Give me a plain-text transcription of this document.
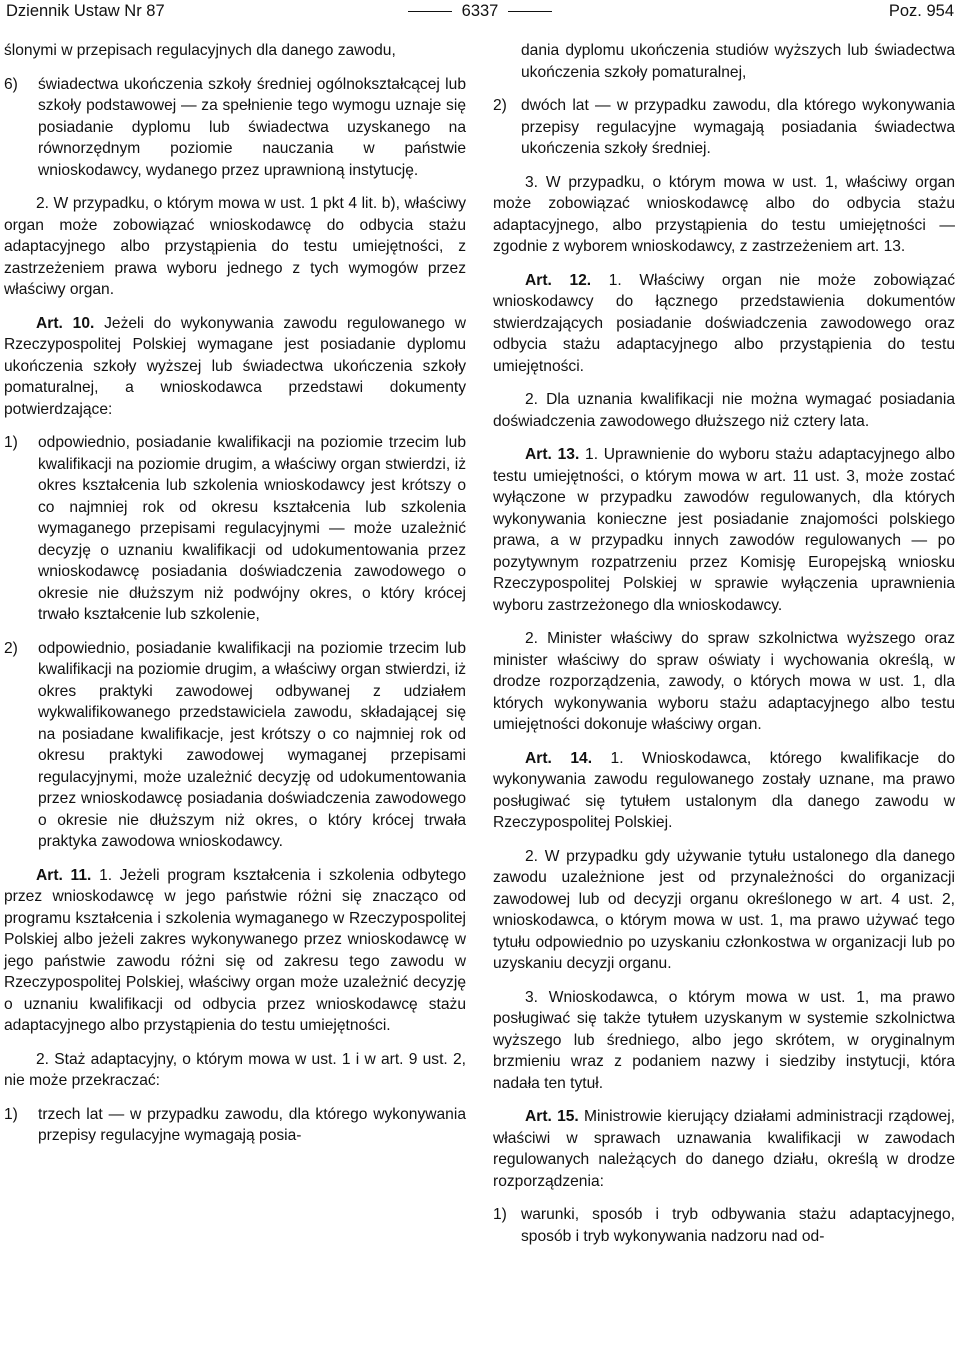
Dziennik Ustaw Nr 87	6337	Poz. 954

ślonymi w przepisach regulacyjnych dla danego zawodu,

6) świadectwa ukończenia szkoły średniej ogólnokształcącej lub szkoły podstawowej — za spełnienie tego wymogu uznaje się posiadanie dyplomu lub świadectwa uzyskanego na równorzędnym poziomie nauczania w państwie wnioskodawcy, wydanego przez uprawnioną instytucję.

2. W przypadku, o którym mowa w ust. 1 pkt 4 lit. b), właściwy organ może zobowiązać wnioskodawcę do odbycia stażu adaptacyjnego albo przystąpienia do testu umiejętności, z zastrzeżeniem prawa wyboru jednego z tych wymogów przez właściwy organ.

Art. 10. Jeżeli do wykonywania zawodu regulowanego w Rzeczypospolitej Polskiej wymagane jest posiadanie dyplomu ukończenia szkoły wyższej lub świadectwa ukończenia szkoły pomaturalnej, a wnioskodawca przedstawi dokumenty potwierdzające:

1) odpowiednio, posiadanie kwalifikacji na poziomie trzecim lub kwalifikacji na poziomie drugim, a właściwy organ stwierdzi, iż okres kształcenia lub szkolenia wnioskodawcy jest krótszy o co najmniej rok od okresu kształcenia lub szkolenia wymaganego przepisami regulacyjnymi — może uzależnić decyzję o uznaniu kwalifikacji od udokumentowania przez wnioskodawcę posiadania doświadczenia zawodowego o okresie nie dłuższym niż podwójny okres, o który krócej trwało kształcenie lub szkolenie,
2) odpowiednio, posiadanie kwalifikacji na poziomie trzecim lub kwalifikacji na poziomie drugim, a właściwy organ stwierdzi, iż okres praktyki zawodowej odbywanej z udziałem wykwalifikowanego przedstawiciela zawodu, składającej się na posiadane kwalifikacje, jest krótszy o co najmniej rok od okresu praktyki zawodowej wymaganej przepisami regulacyjnymi, może uzależnić decyzję od udokumentowania przez wnioskodawcę posiadania doświadczenia zawodowego o okresie nie dłuższym niż okres, o który krócej trwała praktyka zawodowa wnioskodawcy.

Art. 11. 1. Jeżeli program kształcenia i szkolenia odbytego przez wnioskodawcę w jego państwie różni się znacząco od programu kształcenia i szkolenia wymaganego w Rzeczypospolitej Polskiej albo jeżeli zakres wykonywanego przez wnioskodawcę w jego państwie zawodu różni się od zakresu tego zawodu w Rzeczypospolitej Polskiej, właściwy organ może uzależnić decyzję o uznaniu kwalifikacji od odbycia przez wnioskodawcę stażu adaptacyjnego albo przystąpienia do testu umiejętności.

2. Staż adaptacyjny, o którym mowa w ust. 1 i w art. 9 ust. 2, nie może przekraczać:

1) trzech lat — w przypadku zawodu, dla którego wykonywania przepisy regulacyjne wymagają posia-

dania dyplomu ukończenia studiów wyższych lub świadectwa ukończenia szkoły pomaturalnej,

2) dwóch lat — w przypadku zawodu, dla którego wykonywania przepisy regulacyjne wymagają posiadania świadectwa ukończenia szkoły średniej.

3. W przypadku, o którym mowa w ust. 1, właściwy organ może zobowiązać wnioskodawcę albo do odbycia stażu adaptacyjnego, albo przystąpienia do testu umiejętności — zgodnie z wyborem wnioskodawcy, z zastrzeżeniem art. 13.

Art. 12. 1. Właściwy organ nie może zobowiązać wnioskodawcy do łącznego przedstawienia dokumentów stwierdzających posiadanie doświadczenia zawodowego oraz odbycia stażu adaptacyjnego albo przystąpienia do testu umiejętności.

2. Dla uznania kwalifikacji nie można wymagać posiadania doświadczenia zawodowego dłuższego niż cztery lata.

Art. 13. 1. Uprawnienie do wyboru stażu adaptacyjnego albo testu umiejętności, o którym mowa w art. 11 ust. 3, może zostać wyłączone w przypadku zawodów regulowanych, dla których wykonywania konieczne jest posiadanie znajomości polskiego prawa, a w przypadku innych zawodów regulowanych — po pozytywnym rozpatrzeniu przez Komisję Europejską wniosku Rzeczypospolitej Polskiej w sprawie wyłączenia uprawnienia wyboru zastrzeżonego dla wnioskodawcy.

2. Minister właściwy do spraw szkolnictwa wyższego oraz minister właściwy do spraw oświaty i wychowania określą, w drodze rozporządzenia, zawody, o których mowa w ust. 1, dla których wykonywania wyboru stażu adaptacyjnego albo testu umiejętności dokonuje właściwy organ.

Art. 14. 1. Wnioskodawca, którego kwalifikacje do wykonywania zawodu regulowanego zostały uznane, ma prawo posługiwać się tytułem ustalonym dla danego zawodu w Rzeczypospolitej Polskiej.

2. W przypadku gdy używanie tytułu ustalonego dla danego zawodu uzależnione jest od przynależności do organizacji zawodowej lub od decyzji organu określonego w art. 4 ust. 2, wnioskodawca, o którym mowa w ust. 1, ma prawo używać tego tytułu odpowiednio po uzyskaniu członkostwa w organizacji lub po uzyskaniu decyzji organu.

3. Wnioskodawca, o którym mowa w ust. 1, ma prawo posługiwać się także tytułem uzyskanym w systemie szkolnictwa wyższego lub średniego, albo jego skrótem, w oryginalnym brzmieniu wraz z podaniem nazwy i siedziby instytucji, która nadała ten tytuł.

Art. 15. Ministrowie kierujący działami administracji rządowej, właściwi w sprawach uznawania kwalifikacji w zawodach regulowanych należących do danego działu, określą w drodze rozporządzenia:

1) warunki, sposób i tryb odbywania stażu adaptacyjnego, sposób i tryb wykonywania nadzoru nad od-
